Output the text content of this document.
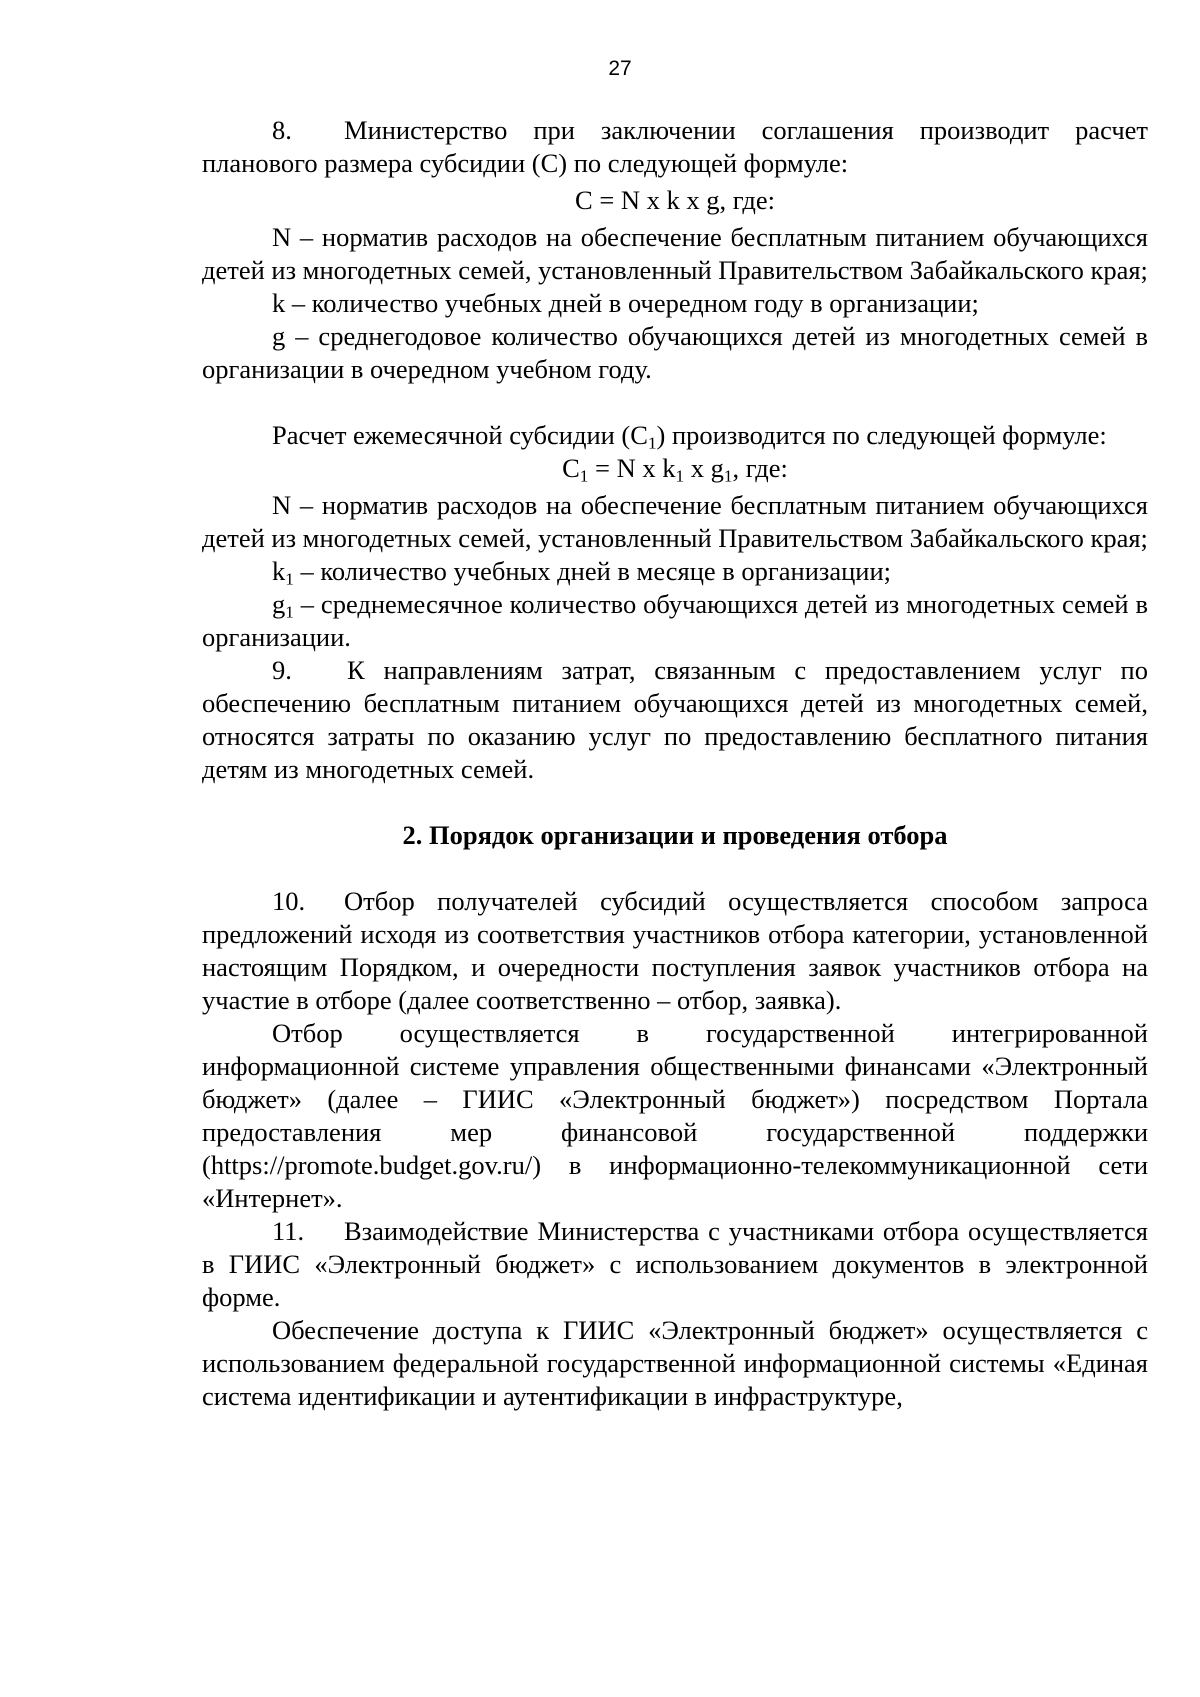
27

8. Министерство при заключении соглашения производит расчет планового размера субсидии (C) по следующей формуле:

C = N x k x g, где:

N – норматив расходов на обеспечение бесплатным питанием обучающихся детей из многодетных семей, установленный Правительством Забайкальского края;

k – количество учебных дней в очередном году в организации;

g – среднегодовое количество обучающихся детей из многодетных семей в организации в очередном учебном году.

Расчет ежемесячной субсидии $(C_1)$ производится по следующей формуле:

$C_1 = N$ x $k_1$ x $g_1$, где:

N – норматив расходов на обеспечение бесплатным питанием обучающихся детей из многодетных семей, установленный Правительством Забайкальского края;

$k_1$ – количество учебных дней в месяце в организации;

$g_1$ – среднемесячное количество обучающихся детей из многодетных семей в организации.

9. К направлениям затрат, связанным с предоставлением услуг по обеспечению бесплатным питанием обучающихся детей из многодетных семей, относятся затраты по оказанию услуг по предоставлению бесплатного питания детям из многодетных семей.

2. Порядок организации и проведения отбора

10. Отбор получателей субсидий осуществляется способом запроса предложений исходя из соответствия участников отбора категории, установленной настоящим Порядком, и очередности поступления заявок участников отбора на участие в отборе (далее соответственно – отбор, заявка).

Отбор осуществляется в государственной интегрированной информационной системе управления общественными финансами «Электронный бюджет» (далее – ГИИС «Электронный бюджет») посредством Портала предоставления мер финансовой государственной поддержки (https://promote.budget.gov.ru/) в информационно-телекоммуникационной сети «Интернет».

11. Взаимодействие Министерства с участниками отбора осуществляется в ГИИС «Электронный бюджет» с использованием документов в электронной форме.

Обеспечение доступа к ГИИС «Электронный бюджет» осуществляется с использованием федеральной государственной информационной системы «Единая система идентификации и аутентификации в инфраструктуре,
